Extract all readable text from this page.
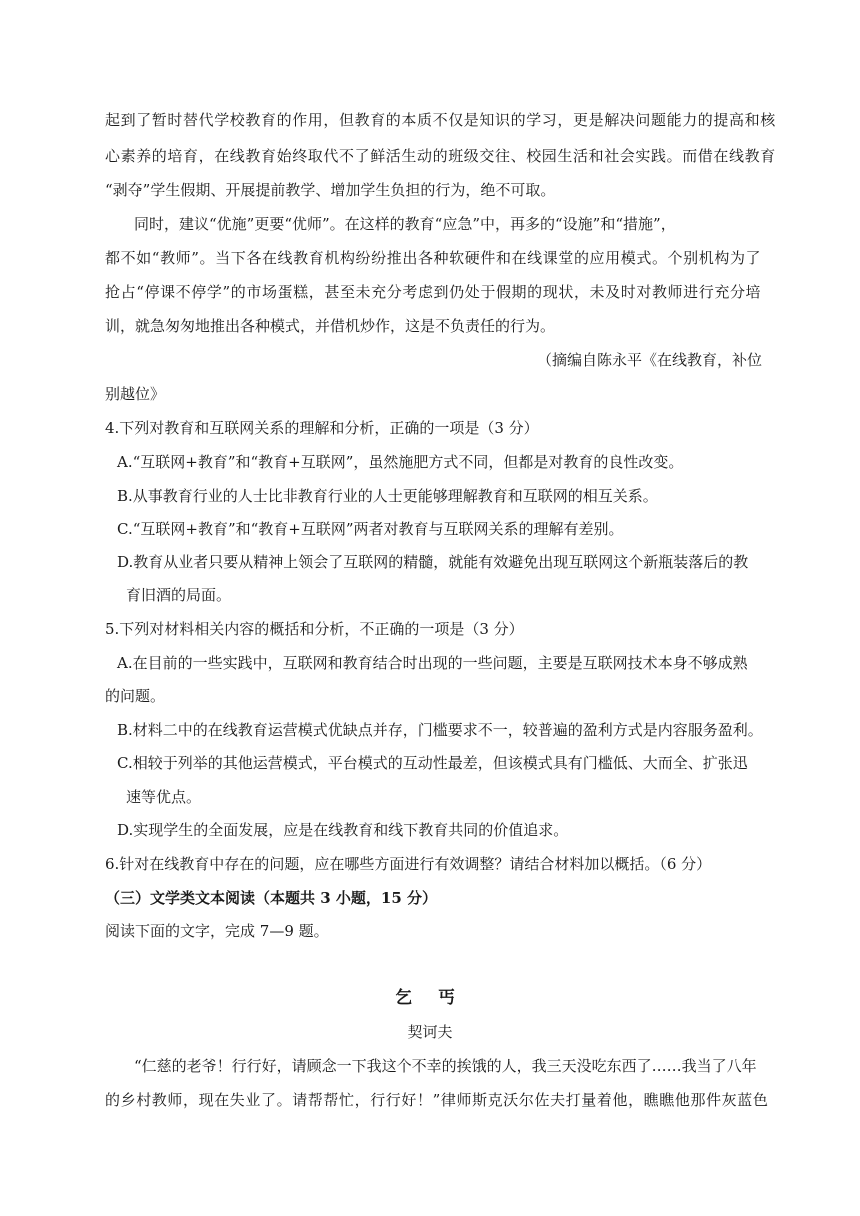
起到了暂时替代学校教育的作用，但教育的本质不仅是知识的学习，更是解决问题能力的提高和核
心素养的培育，在线教育始终取代不了鲜活生动的班级交往、校园生活和社会实践。而借在线教育
“剥夺”学生假期、开展提前教学、增加学生负担的行为，绝不可取。
同时，建议“优施”更要“优师”。在这样的教育“应急”中，再多的“设施”和“措施”，
都不如“教师”。当下各在线教育机构纷纷推出各种软硬件和在线课堂的应用模式。个别机构为了
抢占“停课不停学”的市场蛋糕，甚至未充分考虑到仍处于假期的现状，未及时对教师进行充分培
训，就急匆匆地推出各种模式，并借机炒作，这是不负责任的行为。
（摘编自陈永平《在线教育，补位
别越位》
4.下列对教育和互联网关系的理解和分析，正确的一项是（3 分）
A.“互联网+教育”和“教育+互联网”，虽然施肥方式不同，但都是对教育的良性改变。
B.从事教育行业的人士比非教育行业的人士更能够理解教育和互联网的相互关系。
C.“互联网+教育”和“教育+互联网”两者对教育与互联网关系的理解有差别。
D.教育从业者只要从精神上领会了互联网的精髓，就能有效避免出现互联网这个新瓶装落后的教
育旧酒的局面。
5.下列对材料相关内容的概括和分析，不正确的一项是（3 分）
A.在目前的一些实践中，互联网和教育结合时出现的一些问题，主要是互联网技术本身不够成熟
的问题。
B.材料二中的在线教育运营模式优缺点并存，门槛要求不一，较普遍的盈利方式是内容服务盈利。
C.相较于列举的其他运营模式，平台模式的互动性最差，但该模式具有门槛低、大而全、扩张迅
速等优点。
D.实现学生的全面发展，应是在线教育和线下教育共同的价值追求。
6.针对在线教育中存在的问题，应在哪些方面进行有效调整？请结合材料加以概括。（6 分）
（三）文学类文本阅读（本题共 3 小题，15 分）
阅读下面的文字，完成 7—9 题。
乞 丐
契诃夫
“仁慈的老爷！行行好，请顾念一下我这个不幸的挨饿的人，我三天没吃东西了……我当了八年
的乡村教师，现在失业了。请帮帮忙，行行好！”律师斯克沃尔佐夫打量着他，瞧瞧他那件灰蓝色
